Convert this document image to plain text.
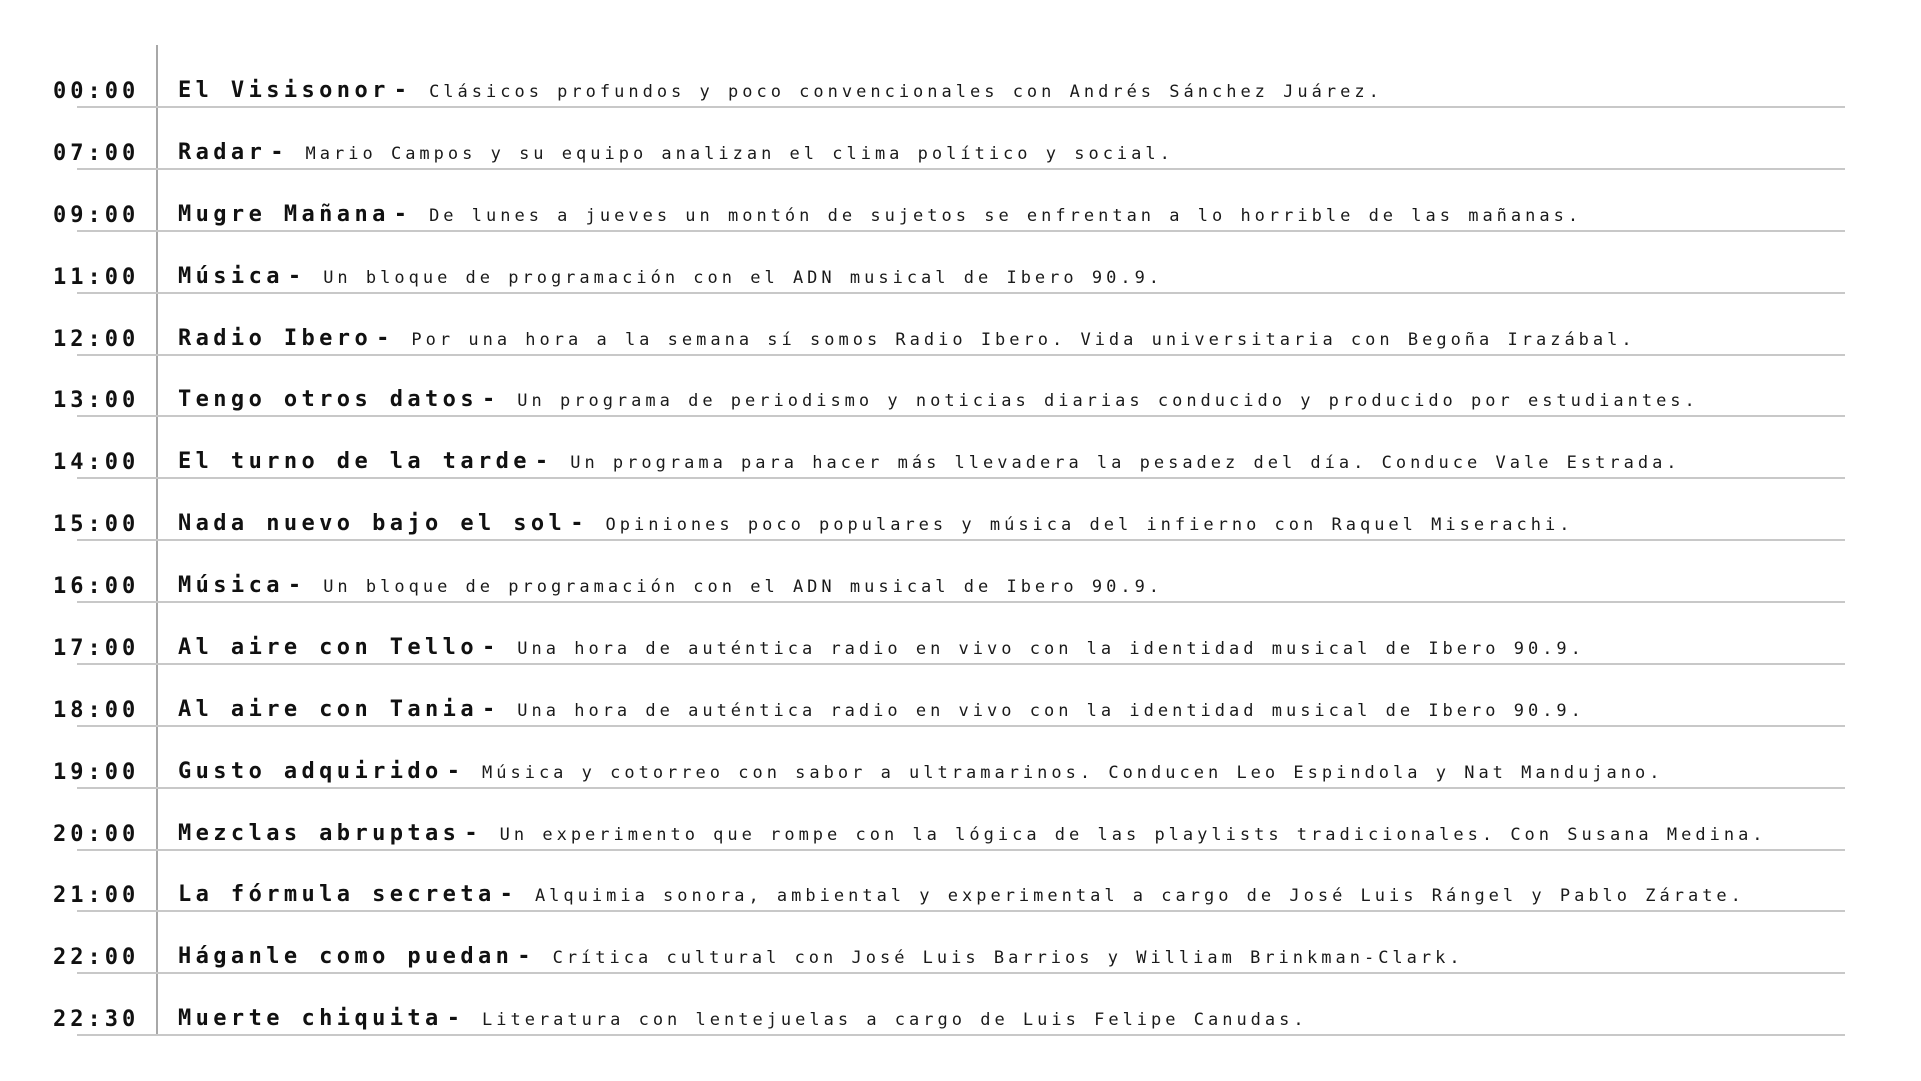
00:00 El Visisonor - Clásicos profundos y poco convencionales con Andrés Sánchez Juárez.
07:00 Radar - Mario Campos y su equipo analizan el clima político y social.
09:00 Mugre Mañana - De lunes a jueves un montón de sujetos se enfrentan a lo horrible de las mañanas.
11:00 Música - Un bloque de programación con el ADN musical de Ibero 90.9.
12:00 Radio Ibero - Por una hora a la semana sí somos Radio Ibero. Vida universitaria con Begoña Irazábal.
13:00 Tengo otros datos - Un programa de periodismo y noticias diarias conducido y producido por estudiantes.
14:00 El turno de la tarde - Un programa para hacer más llevadera la pesadez del día. Conduce Vale Estrada.
15:00 Nada nuevo bajo el sol - Opiniones poco populares y música del infierno con Raquel Miserachi.
16:00 Música - Un bloque de programación con el ADN musical de Ibero 90.9.
17:00 Al aire con Tello - Una hora de auténtica radio en vivo con la identidad musical de Ibero 90.9.
18:00 Al aire con Tania - Una hora de auténtica radio en vivo con la identidad musical de Ibero 90.9.
19:00 Gusto adquirido - Música y cotorreo con sabor a ultramarinos. Conducen Leo Espindola y Nat Mandujano.
20:00 Mezclas abruptas - Un experimento que rompe con la lógica de las playlists tradicionales. Con Susana Medina.
21:00 La fórmula secreta - Alquimia sonora, ambiental y experimental a cargo de José Luis Rángel y Pablo Zárate.
22:00 Háganle como puedan - Crítica cultural con José Luis Barrios y William Brinkman-Clark.
22:30 Muerte chiquita - Literatura con lentejuelas a cargo de Luis Felipe Canudas.
